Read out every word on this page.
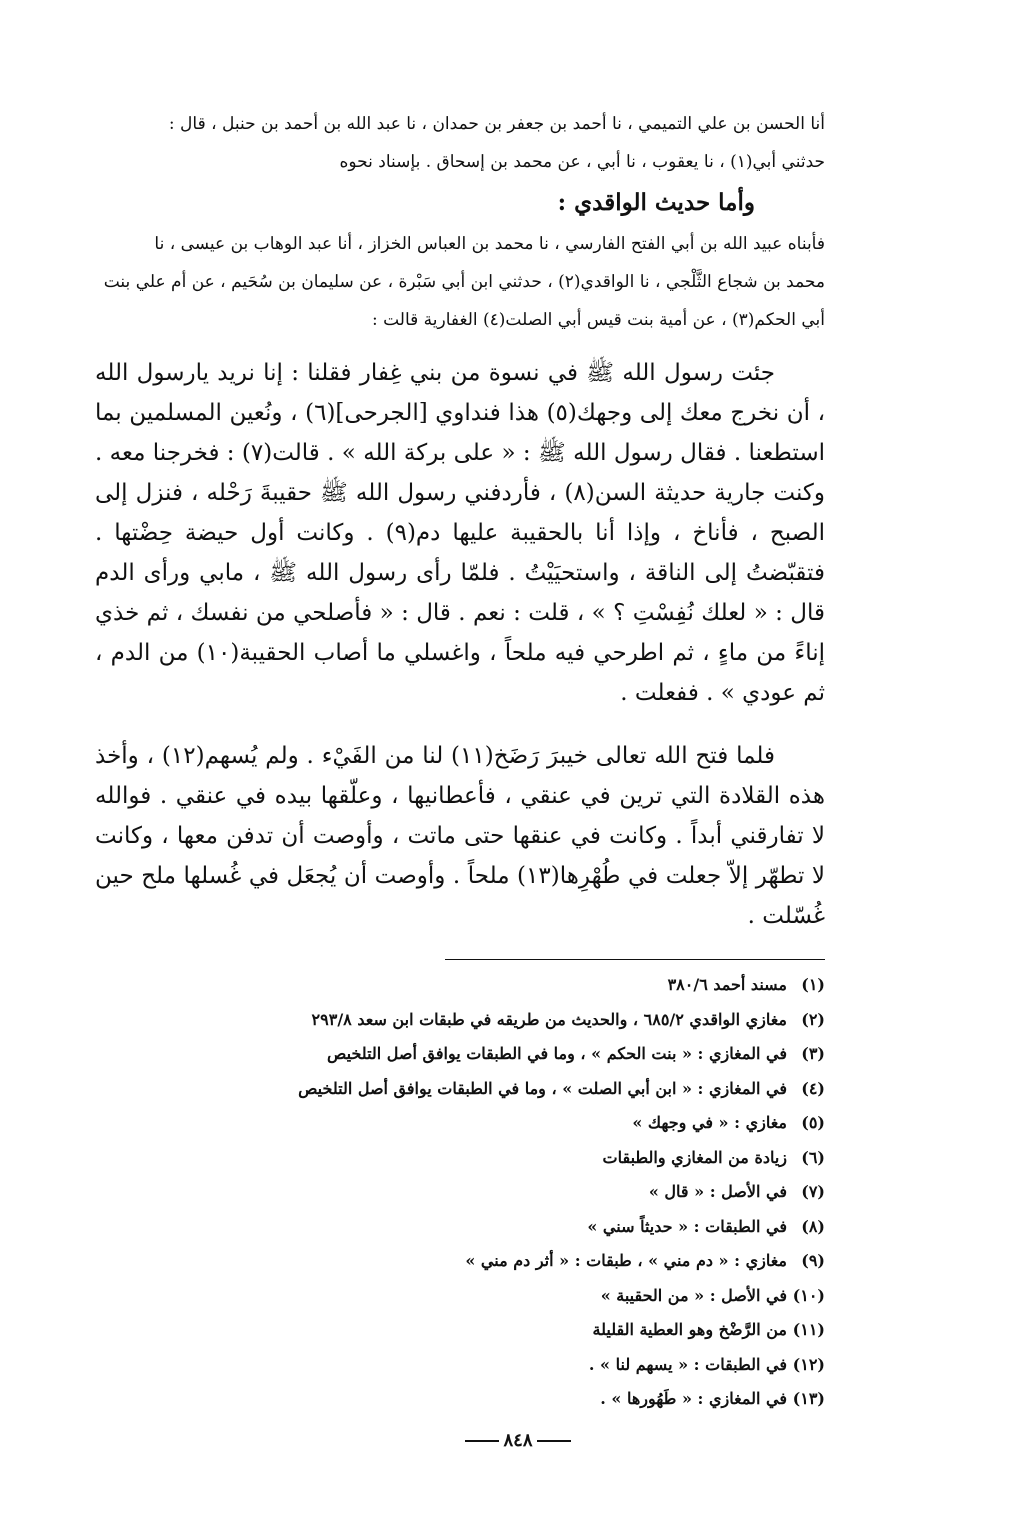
أنا الحسن بن علي التميمي ، نا أحمد بن جعفر بن حمدان ، نا عبد الله بن أحمد بن حنبل ، قال :
حدثني أبي(١) ، نا يعقوب ، نا أبي ، عن محمد بن إسحاق . بإسناد نحوه
وأما حديث الواقدي :
فأبناه عبيد الله بن أبي الفتح الفارسي ، نا محمد بن العباس الخزاز ، أنا عبد الوهاب بن عيسى ، نا
محمد بن شجاع الثَّلْجي ، نا الواقدي(٢) ، حدثني ابن أبي سَبْرة ، عن سليمان بن سُحَيم ، عن أم علي بنت
أبي الحكم(٣) ، عن أمية بنت قيس أبي الصلت(٤) الغفارية قالت :

جئت رسول الله ﷺ في نسوة من بني غِفار فقلنا : إنا نريد يارسول الله ، أن نخرج معك إلى وجهك(٥) هذا فنداوي [الجرحى](٦) ، ونُعين المسلمين بما استطعنا . فقال رسول الله ﷺ : « على بركة الله » . قالت(٧) : فخرجنا معه . وكنت جارية حديثة السن(٨) ، فأردفني رسول الله ﷺ حقيبةَ رَحْله ، فنزل إلى الصبح ، فأناخ ، وإذا أنا بالحقيبة عليها دم(٩) . وكانت أول حيضة حِضْتها . فتقبّضتُ إلى الناقة ، واستحيَيْتُ . فلمّا رأى رسول الله ﷺ ، مابي ورأى الدم قال : « لعلك نُفِسْتِ ؟ » ، قلت : نعم . قال : « فأصلحي من نفسك ، ثم خذي إناءً من ماءٍ ، ثم اطرحي فيه ملحاً ، واغسلي ما أصاب الحقيبة(١٠) من الدم ، ثم عودي » . ففعلت .

فلما فتح الله تعالى خيبرَ رَضَخ(١١) لنا من الفَيْء . ولم يُسهم(١٢) ، وأخذ هذه القلادة التي ترين في عنقي ، فأعطانيها ، وعلّقها بيده في عنقي . فوالله لا تفارقني أبداً . وكانت في عنقها حتى ماتت ، وأوصت أن تدفن معها ، وكانت لا تطهّر إلاّ جعلت في طُهْرِها(١٣) ملحاً . وأوصت أن يُجعَل في غُسلها ملح حين غُسّلت .

(١)
مسند أحمد ٣٨٠/٦
(٢)
مغازي الواقدي ٦٨٥/٢ ، والحديث من طريقه في طبقات ابن سعد ٢٩٣/٨
(٣)
في المغازي : « بنت الحكم » ، وما في الطبقات يوافق أصل التلخيص
(٤)
في المغازي : « ابن أبي الصلت » ، وما في الطبقات يوافق أصل التلخيص
(٥)
مغازي : « في وجهك »
(٦)
زيادة من المغازي والطبقات
(٧)
في الأصل : « قال »
(٨)
في الطبقات : « حديثاً سني »
(٩)
مغازي : « دم مني » ، طبقات : « أثر دم مني »
(١٠)
في الأصل : « من الحقيبة »
(١١)
من الرَّضْخ وهو العطية القليلة
(١٢)
في الطبقات : « يسهم لنا » .
(١٣)
في المغازي : « طَهُورها » .
٨٤٨
